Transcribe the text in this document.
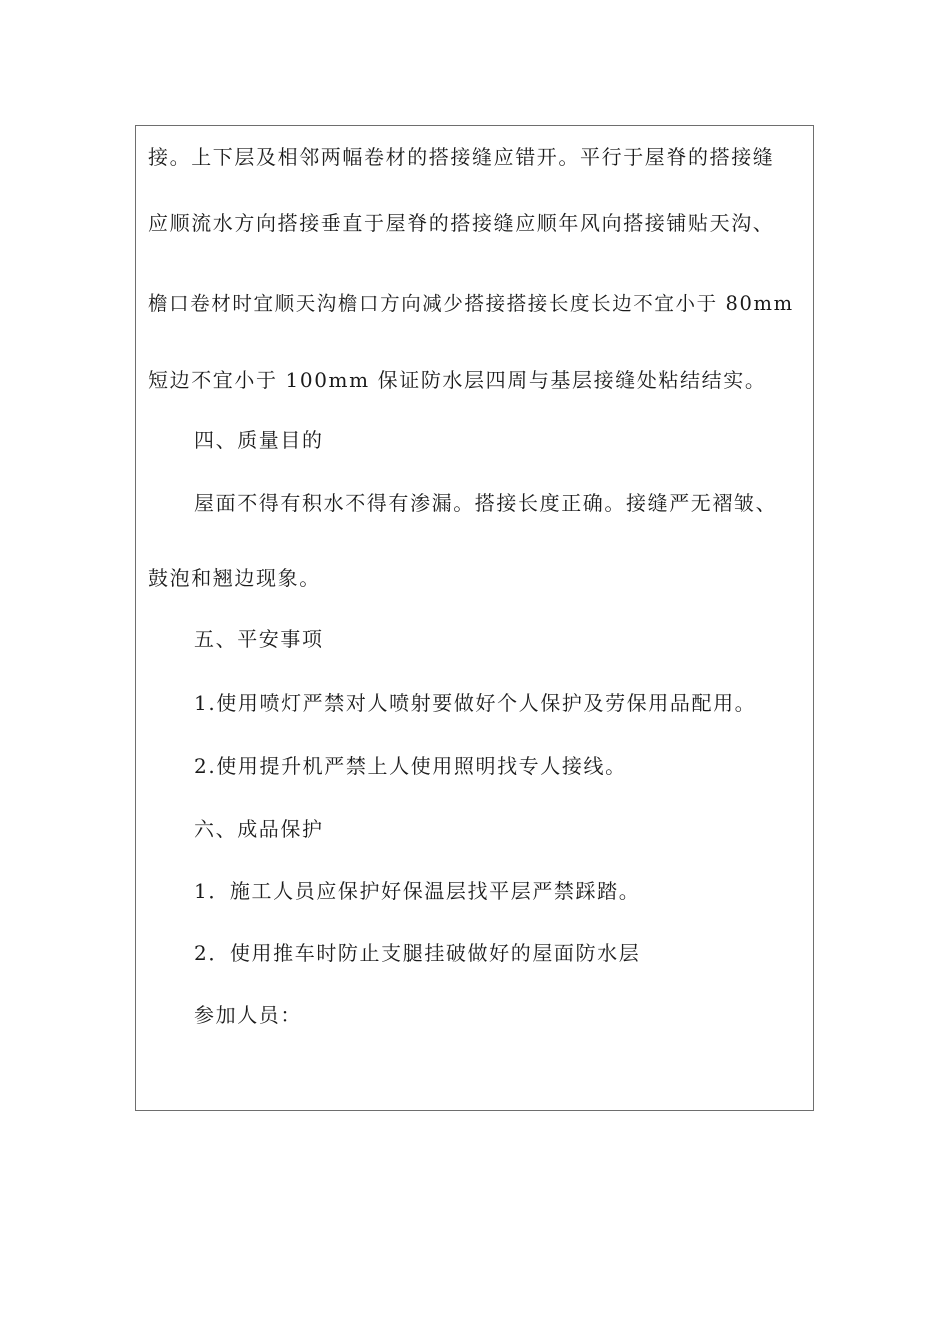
接。上下层及相邻两幅卷材的搭接缝应错开。平行于屋脊的搭接缝
应顺流水方向搭接垂直于屋脊的搭接缝应顺年风向搭接铺贴天沟、
檐口卷材时宜顺天沟檐口方向减少搭接搭接长度长边不宜小于 80mm
短边不宜小于 100mm 保证防水层四周与基层接缝处粘结结实。
四、质量目的
屋面不得有积水不得有渗漏。搭接长度正确。接缝严无褶皱、
鼓泡和翘边现象。
五、平安事项
1.使用喷灯严禁对人喷射要做好个人保护及劳保用品配用。
2.使用提升机严禁上人使用照明找专人接线。
六、成品保护
1．施工人员应保护好保温层找平层严禁踩踏。
2．使用推车时防止支腿挂破做好的屋面防水层
参加人员：
